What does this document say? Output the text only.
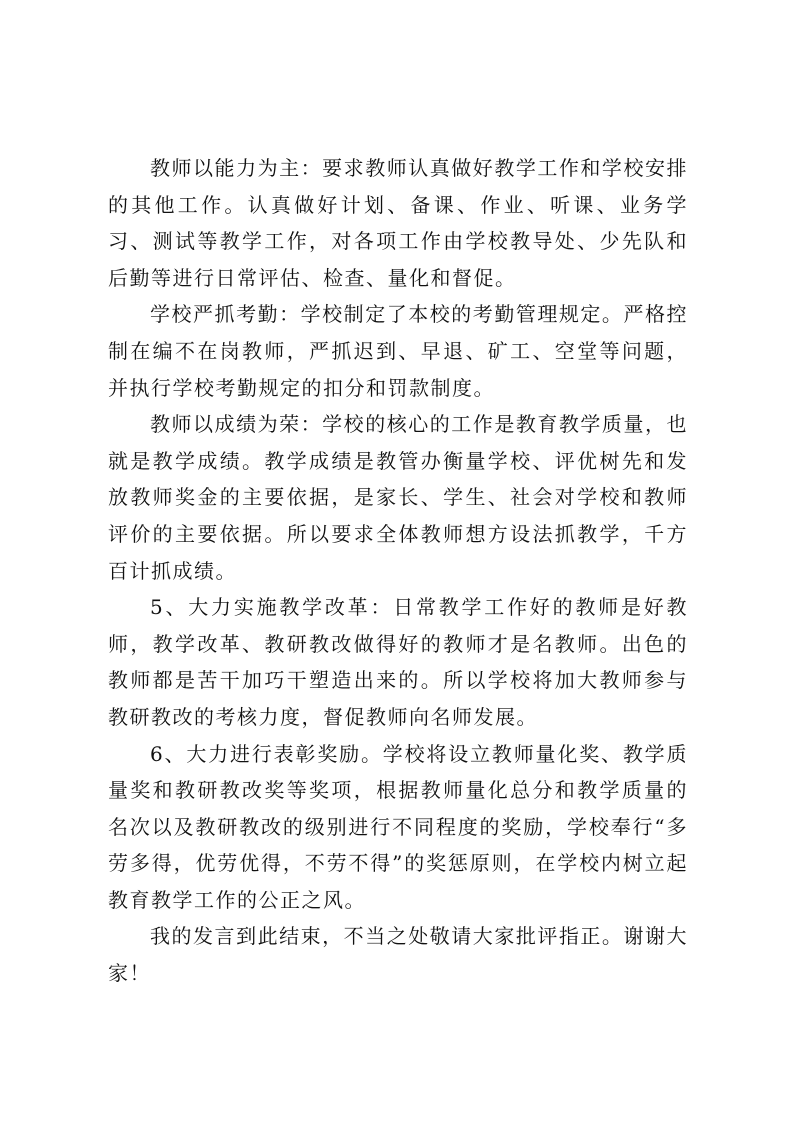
教师以能力为主：要求教师认真做好教学工作和学校安排的其他工作。认真做好计划、备课、作业、听课、业务学习、测试等教学工作，对各项工作由学校教导处、少先队和后勤等进行日常评估、检查、量化和督促。

学校严抓考勤：学校制定了本校的考勤管理规定。严格控制在编不在岗教师，严抓迟到、早退、矿工、空堂等问题，并执行学校考勤规定的扣分和罚款制度。

教师以成绩为荣：学校的核心的工作是教育教学质量，也就是教学成绩。教学成绩是教管办衡量学校、评优树先和发放教师奖金的主要依据，是家长、学生、社会对学校和教师评价的主要依据。所以要求全体教师想方设法抓教学，千方百计抓成绩。

5、大力实施教学改革：日常教学工作好的教师是好教师，教学改革、教研教改做得好的教师才是名教师。出色的教师都是苦干加巧干塑造出来的。所以学校将加大教师参与教研教改的考核力度，督促教师向名师发展。

6、大力进行表彰奖励。学校将设立教师量化奖、教学质量奖和教研教改奖等奖项，根据教师量化总分和教学质量的名次以及教研教改的级别进行不同程度的奖励，学校奉行“多劳多得，优劳优得，不劳不得”的奖惩原则，在学校内树立起教育教学工作的公正之风。

我的发言到此结束，不当之处敬请大家批评指正。谢谢大家！
